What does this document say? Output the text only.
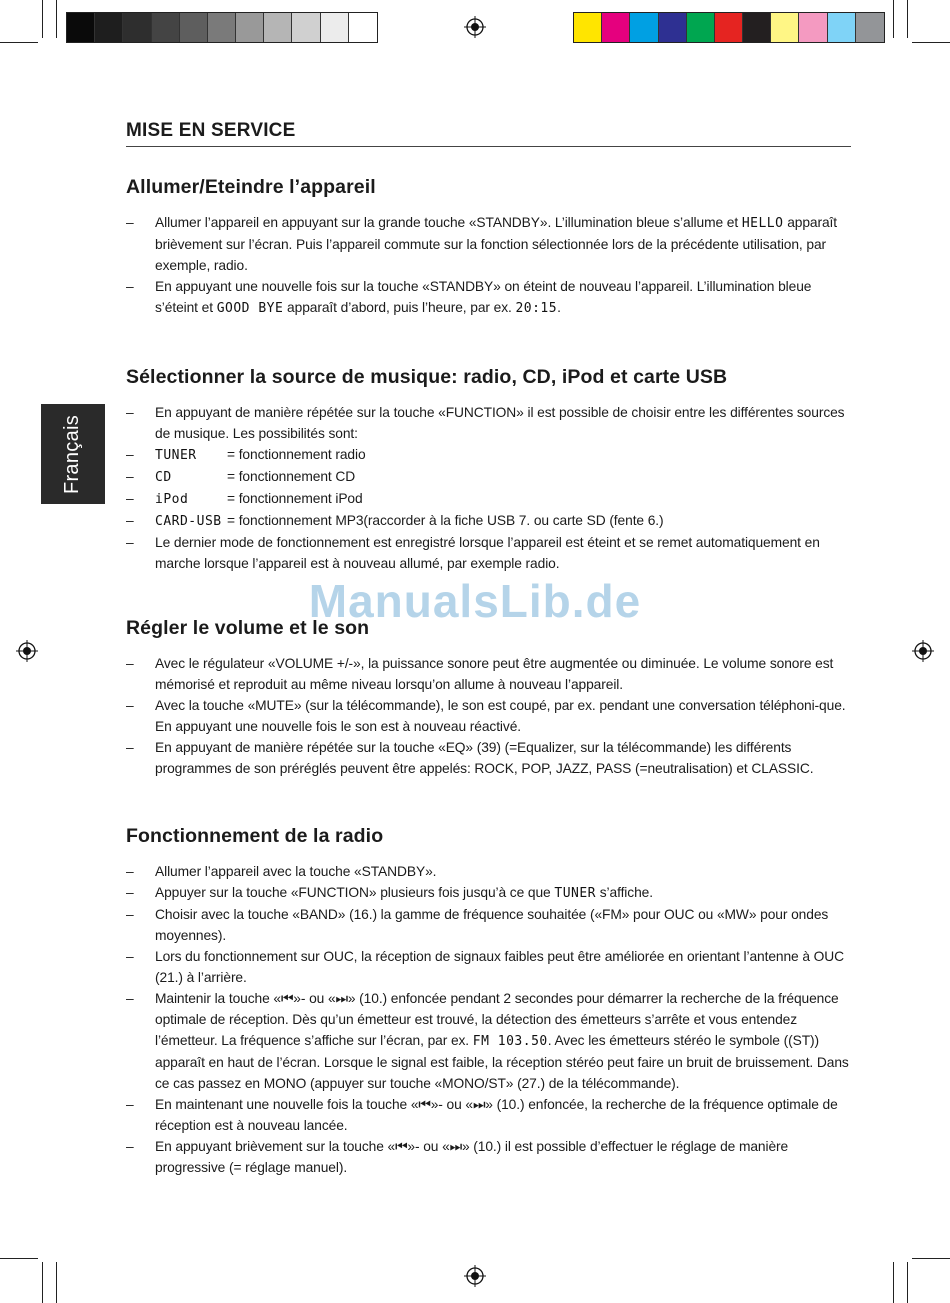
Français
MISE EN SERVICE
Allumer/Eteindre l’appareil
– Allumer l’appareil en appuyant sur la grande touche «STANDBY». L’illumination bleue s’allume et HELLO apparaît brièvement sur l’écran. Puis l’appareil commute sur la fonction sélectionnée lors de la précédente utilisation, par exemple, radio.
– En appuyant une nouvelle fois sur la touche «STANDBY» on éteint de nouveau l’appareil. L’illumination bleue s’éteint et GOOD BYE apparaît d’abord, puis l’heure, par ex. 20:15.
Sélectionner la source de musique: radio, CD, iPod et carte USB
– En appuyant de manière répétée sur la touche «FUNCTION» il est possible de choisir entre les différentes sources de musique. Les possibilités sont:
– TUNER = fonctionnement radio
– CD	= fonctionnement CD
– iPod	= fonctionnement iPod
– CARD-USB = fonctionnement MP3(raccorder à la fiche USB 7. ou carte SD (fente 6.)
– Le dernier mode de fonctionnement est enregistré lorsque l’appareil est éteint et se remet automatiquement en marche lorsque l’appareil est à nouveau allumé, par exemple radio.
ManualsLib.de
Régler le volume et le son
– Avec le régulateur «VOLUME +/-», la puissance sonore peut être augmentée ou diminuée. Le volume sonore est mémorisé et reproduit au même niveau lorsqu’on allume à nouveau l’appareil.
– Avec la touche «MUTE» (sur la télécommande), le son est coupé, par ex. pendant une conversation téléphoni-que. En appuyant une nouvelle fois le son est à nouveau réactivé.
– En appuyant de manière répétée sur la touche «EQ» (39) (=Equalizer, sur la télécommande) les différents programmes de son préréglés peuvent être appelés: ROCK, POP, JAZZ, PASS (=neutralisation) et CLASSIC.
Fonctionnement de la radio
– Allumer l’appareil avec la touche «STANDBY».
– Appuyer sur la touche «FUNCTION» plusieurs fois jusqu’à ce que TUNER s’affiche.
– Choisir avec la touche «BAND» (16.) la gamme de fréquence souhaitée («FM» pour OUC ou «MW» pour ondes moyennes).
– Lors du fonctionnement sur OUC, la réception de signaux faibles peut être améliorée en orientant l’antenne à OUC (21.) à l’arrière.
– Maintenir la touche «⏮»- ou «⏭» (10.) enfoncée pendant 2 secondes pour démarrer la recherche de la fréquence optimale de réception. Dès qu’un émetteur est trouvé, la détection des émetteurs s’arrête et vous entendez l’émetteur. La fréquence s’affiche sur l’écran, par ex. FM 103.50. Avec les émetteurs stéréo le symbole ((ST)) apparaît en haut de l’écran. Lorsque le signal est faible, la réception stéréo peut faire un bruit de bruissement. Dans ce cas passez en MONO (appuyer sur touche «MONO/ST» (27.) de la télécommande).
– En maintenant une nouvelle fois la touche «⏮»- ou «⏭» (10.) enfoncée, la recherche de la fréquence optimale de réception est à nouveau lancée.
– En appuyant brièvement sur la touche «⏮»- ou «⏭» (10.) il est possible d’effectuer le réglage de manière progressive (= réglage manuel).
